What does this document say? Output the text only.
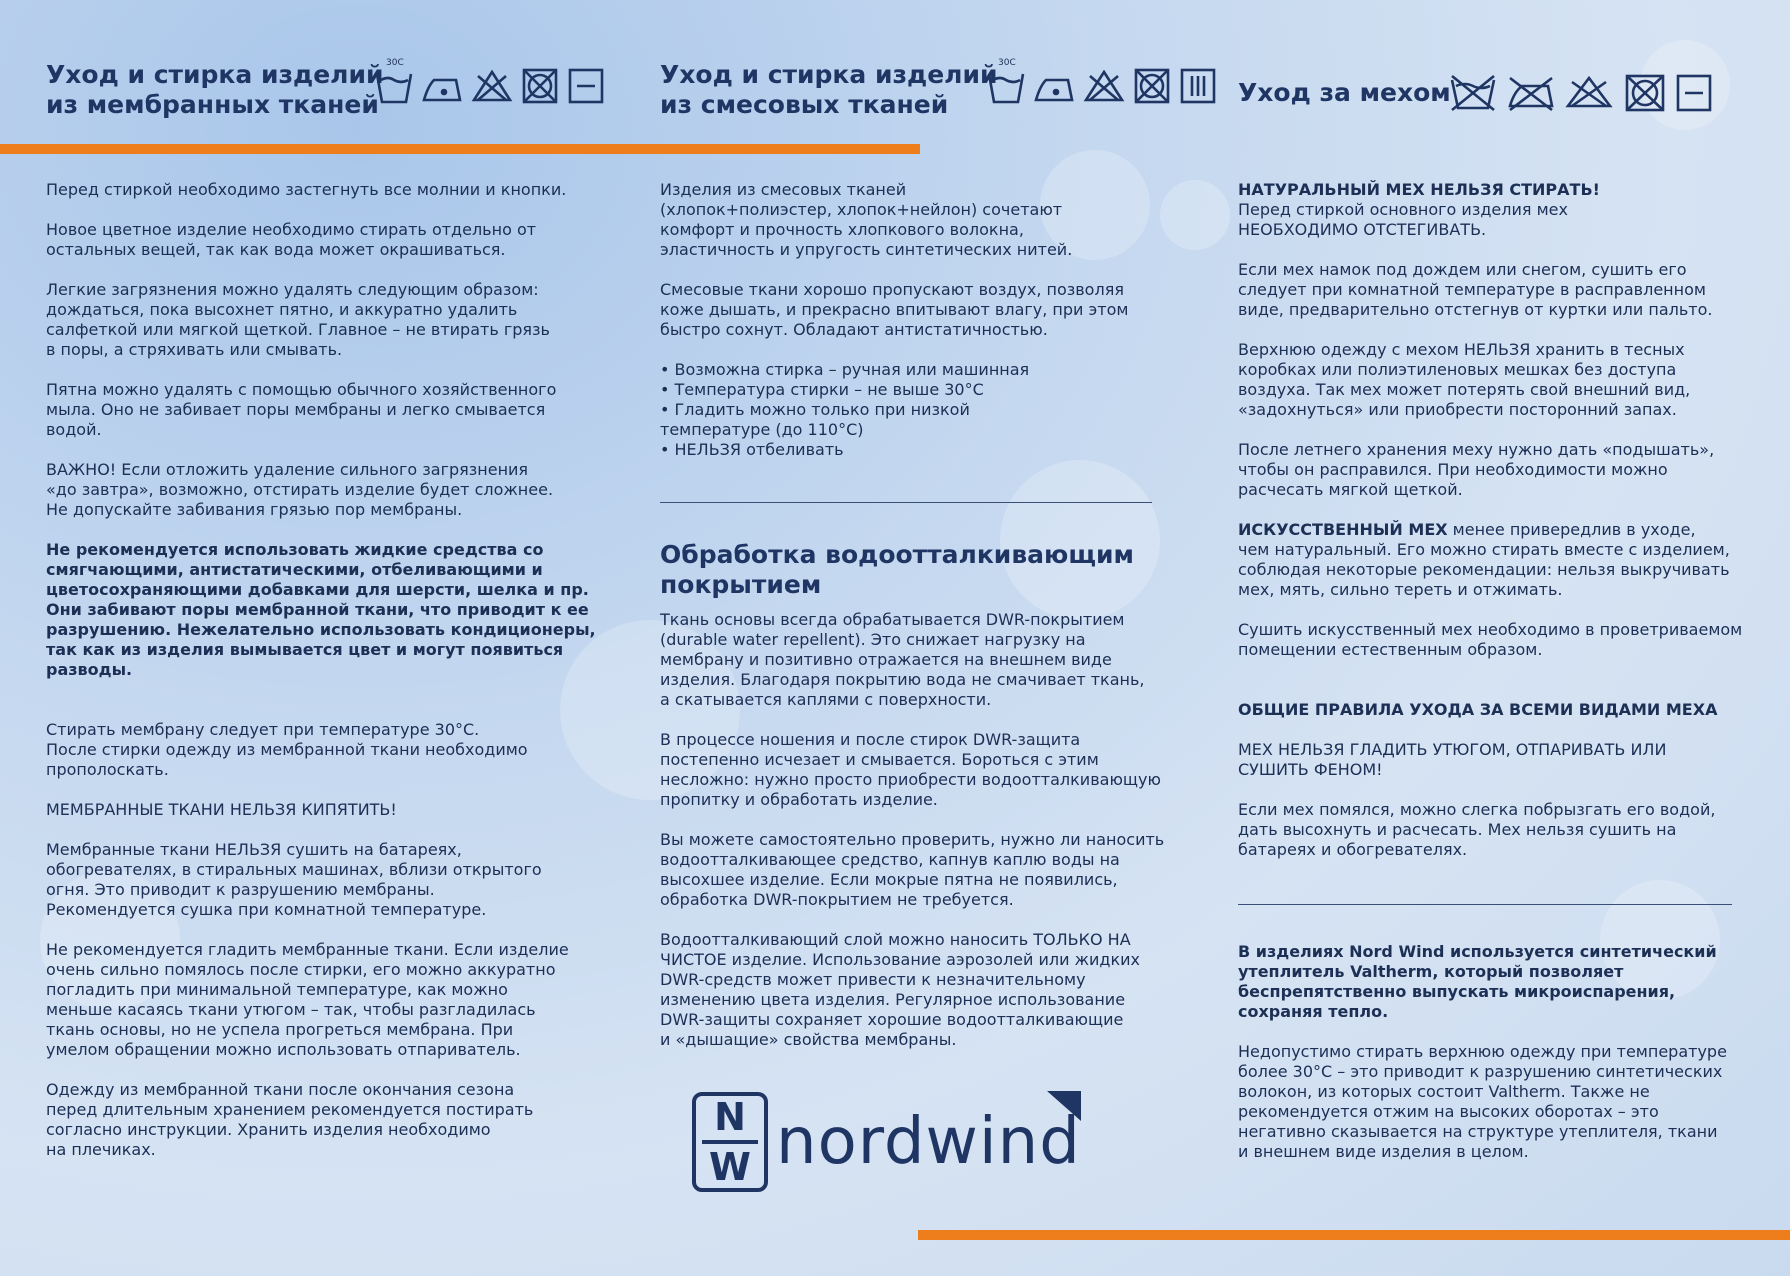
Уход и стирка изделий
из мембранных тканей
30С	Уход и стирка изделий
из смесовых тканей
30С
Уход за мехом

Перед стиркой необходимо застегнуть все молнии и кнопки.

Новое цветное изделие необходимо стирать отдельно от
остальных вещей, так как вода может окрашиваться.

Легкие загрязнения можно удалять следующим образом:
дождаться, пока высохнет пятно, и аккуратно удалить
салфеткой или мягкой щеткой. Главное – не втирать грязь
в поры, а стряхивать или смывать.

Пятна можно удалять с помощью обычного хозяйственного
мыла. Оно не забивает поры мембраны и легко смывается
водой.

ВАЖНО! Если отложить удаление сильного загрязнения
«до завтра», возможно, отстирать изделие будет сложнее.
Не допускайте забивания грязью пор мембраны.

Не рекомендуется использовать жидкие средства со
смягчающими, антистатическими, отбеливающими и
цветосохраняющими добавками для шерсти, шелка и пр.
Они забивают поры мембранной ткани, что приводит к ее
разрушению. Нежелательно использовать кондиционеры,
так как из изделия вымывается цвет и могут появиться
разводы.

Стирать мембрану следует при температуре 30°С.
После стирки одежду из мембранной ткани необходимо
прополоскать.

МЕМБРАННЫЕ ТКАНИ НЕЛЬЗЯ КИПЯТИТЬ!

Мембранные ткани НЕЛЬЗЯ сушить на батареях,
обогревателях, в стиральных машинах, вблизи открытого
огня. Это приводит к разрушению мембраны.
Рекомендуется сушка при комнатной температуре.

Не рекомендуется гладить мембранные ткани. Если изделие
очень сильно помялось после стирки, его можно аккуратно
погладить при минимальной температуре, как можно
меньше касаясь ткани утюгом – так, чтобы разгладилась
ткань основы, но не успела прогреться мембрана. При
умелом обращении можно использовать отпариватель.

Одежду из мембранной ткани после окончания сезона
перед длительным хранением рекомендуется постирать
согласно инструкции. Хранить изделия необходимо
на плечиках.

Изделия из смесовых тканей
(хлопок+полиэстер, хлопок+нейлон) сочетают
комфорт и прочность хлопкового волокна,
эластичность и упругость синтетических нитей.

Смесовые ткани хорошо пропускают воздух, позволяя
коже дышать, и прекрасно впитывают влагу, при этом
быстро сохнут. Обладают антистатичностью.

• Возможна стирка – ручная или машинная
• Температура стирки – не выше 30°С
• Гладить можно только при низкой
температуре (до 110°С)
• НЕЛЬЗЯ отбеливать

Обработка водоотталкивающим
покрытием

Ткань основы всегда обрабатывается DWR-покрытием
(durable water repellent). Это снижает нагрузку на
мембрану и позитивно отражается на внешнем виде
изделия. Благодаря покрытию вода не смачивает ткань,
а скатывается каплями с поверхности.

В процессе ношения и после стирок DWR-защита
постепенно исчезает и смывается. Бороться с этим
несложно: нужно просто приобрести водоотталкивающую
пропитку и обработать изделие.

Вы можете самостоятельно проверить, нужно ли наносить
водоотталкивающее средство, капнув каплю воды на
высохшее изделие. Если мокрые пятна не появились,
обработка DWR-покрытием не требуется.

Водоотталкивающий слой можно наносить ТОЛЬКО НА
ЧИСТОЕ изделие. Использование аэрозолей или жидких
DWR-средств может привести к незначительному
изменению цвета изделия. Регулярное использование
DWR-защиты сохраняет хорошие водоотталкивающие
и «дышащие» свойства мембраны.

N
W nordwind

НАТУРАЛЬНЫЙ МЕХ НЕЛЬЗЯ СТИРАТЬ!
Перед стиркой основного изделия мех
НЕОБХОДИМО ОТСТЕГИВАТЬ.

Если мех намок под дождем или снегом, сушить его
следует при комнатной температуре в расправленном
виде, предварительно отстегнув от куртки или пальто.

Верхнюю одежду с мехом НЕЛЬЗЯ хранить в тесных
коробках или полиэтиленовых мешках без доступа
воздуха. Так мех может потерять свой внешний вид,
«задохнуться» или приобрести посторонний запах.

После летнего хранения меху нужно дать «подышать»,
чтобы он расправился. При необходимости можно
расчесать мягкой щеткой.

ИСКУССТВЕННЫЙ МЕХ менее привередлив в уходе,
чем натуральный. Его можно стирать вместе с изделием,
соблюдая некоторые рекомендации: нельзя выкручивать
мех, мять, сильно тереть и отжимать.

Сушить искусственный мех необходимо в проветриваемом
помещении естественным образом.

ОБЩИЕ ПРАВИЛА УХОДА ЗА ВСЕМИ ВИДАМИ МЕХА

МЕХ НЕЛЬЗЯ ГЛАДИТЬ УТЮГОМ, ОТПАРИВАТЬ ИЛИ
СУШИТЬ ФЕНОМ!

Если мех помялся, можно слегка побрызгать его водой,
дать высохнуть и расчесать. Мех нельзя сушить на
батареях и обогревателях.

В изделиях Nord Wind используется синтетический
утеплитель Valtherm, который позволяет
беспрепятственно выпускать микроиспарения,
сохраняя тепло.

Недопустимо стирать верхнюю одежду при температуре
более 30°С – это приводит к разрушению синтетических
волокон, из которых состоит Valtherm. Также не
рекомендуется отжим на высоких оборотах – это
негативно сказывается на структуре утеплителя, ткани
и внешнем виде изделия в целом.
